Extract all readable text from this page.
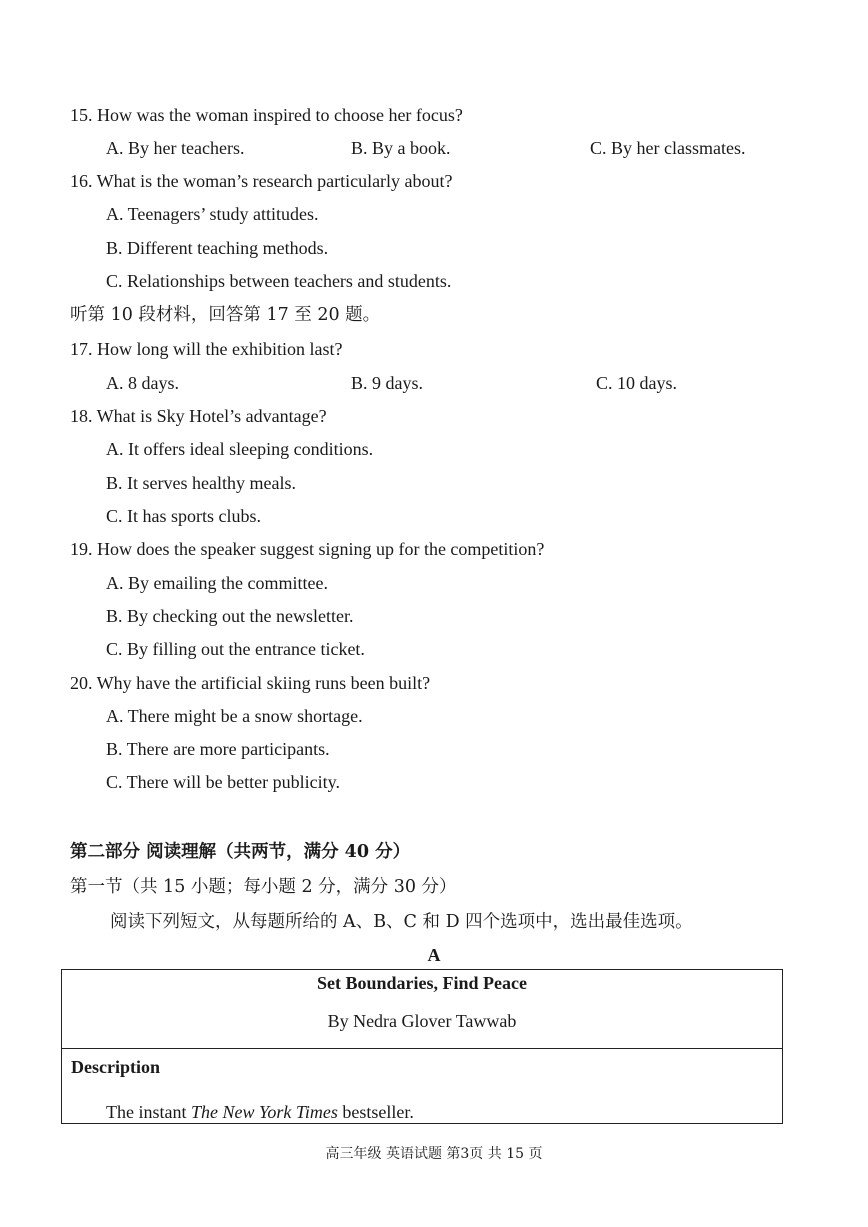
15. How was the woman inspired to choose her focus?
A. By her teachers.	B. By a book.	C. By her classmates.
16. What is the woman’s research particularly about?
A. Teenagers’ study attitudes.
B. Different teaching methods.
C. Relationships between teachers and students.
听第 10 段材料，回答第 17 至 20 题。
17. How long will the exhibition last?
A. 8 days.	B. 9 days.	C. 10 days.
18. What is Sky Hotel’s advantage?
A. It offers ideal sleeping conditions.
B. It serves healthy meals.
C. It has sports clubs.
19. How does the speaker suggest signing up for the competition?
A. By emailing the committee.
B. By checking out the newsletter.
C. By filling out the entrance ticket.
20. Why have the artificial skiing runs been built?
A. There might be a snow shortage.
B. There are more participants.
C. There will be better publicity.
第二部分 阅读理解（共两节，满分 40 分）
第一节（共 15 小题；每小题 2 分，满分 30 分）
阅读下列短文，从每题所给的 A、B、C 和 D 四个选项中，选出最佳选项。
A
Set Boundaries, Find Peace
By Nedra Glover Tawwab
Description
The instant The New York Times bestseller.
高三年级 英语试题 第3页 共 15 页
